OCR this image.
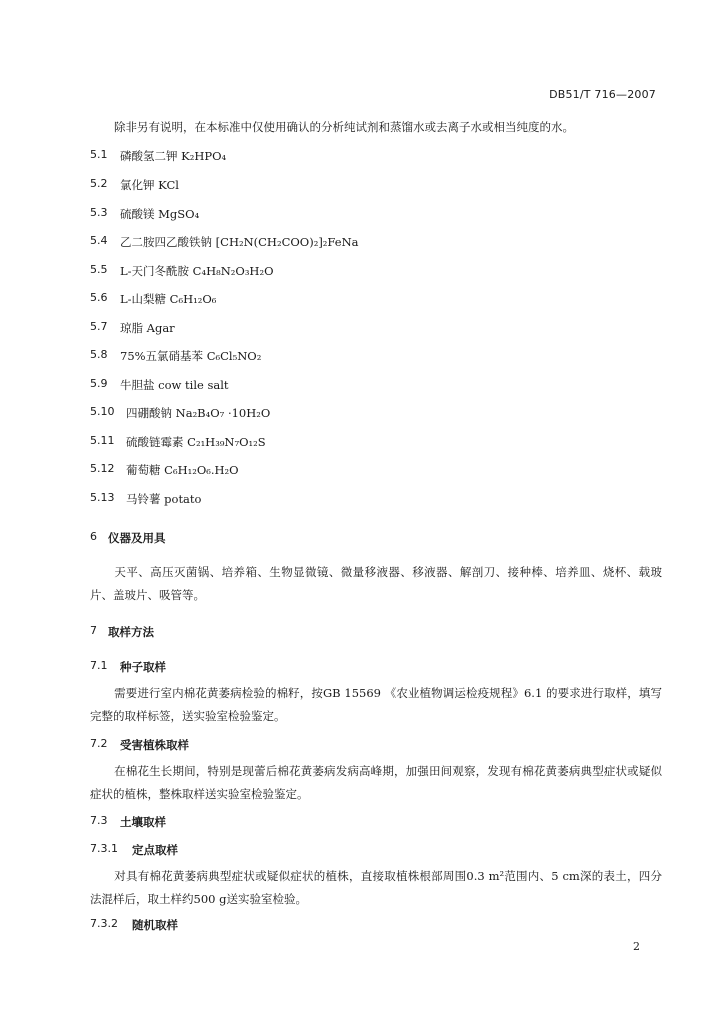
DB51/T 716—2007
除非另有说明，在本标准中仅使用确认的分析纯试剂和蒸馏水或去离子水或相当纯度的水。
5.1 磷酸氢二钾 K₂HPO₄
5.2 氯化钾 KCl
5.3 硫酸镁 MgSO₄
5.4 乙二胺四乙酸铁钠 [CH₂N(CH₂COO)₂]₂FeNa
5.5 L-天门冬酰胺 C₄H₈N₂O₃H₂O
5.6 L-山梨糖 C₆H₁₂O₆
5.7 琼脂 Agar
5.8 75%五氯硝基苯 C₆Cl₅NO₂
5.9 牛胆盐 cow tile salt
5.10 四硼酸钠 Na₂B₄O₇ ·10H₂O
5.11 硫酸链霉素 C₂₁H₃₉N₇O₁₂S
5.12 葡萄糖 C₆H₁₂O₆.H₂O
5.13 马铃薯 potato
6 仪器及用具
天平、高压灭菌锅、培养箱、生物显微镜、微量移液器、移液器、解剖刀、接种棒、培养皿、烧杯、载玻片、盖玻片、吸管等。
7 取样方法
7.1 种子取样
需要进行室内棉花黄萎病检验的棉籽，按GB 15569 《农业植物调运检疫规程》6.1 的要求进行取样，填写完整的取样标签，送实验室检验鉴定。
7.2 受害植株取样
在棉花生长期间，特别是现蕾后棉花黄萎病发病高峰期，加强田间观察，发现有棉花黄萎病典型症状或疑似症状的植株，整株取样送实验室检验鉴定。
7.3 土壤取样
7.3.1 定点取样
对具有棉花黄萎病典型症状或疑似症状的植株，直接取植株根部周围0.3 m²范围内、5 cm深的表土，四分法混样后，取土样约500 g送实验室检验。
7.3.2 随机取样
2
